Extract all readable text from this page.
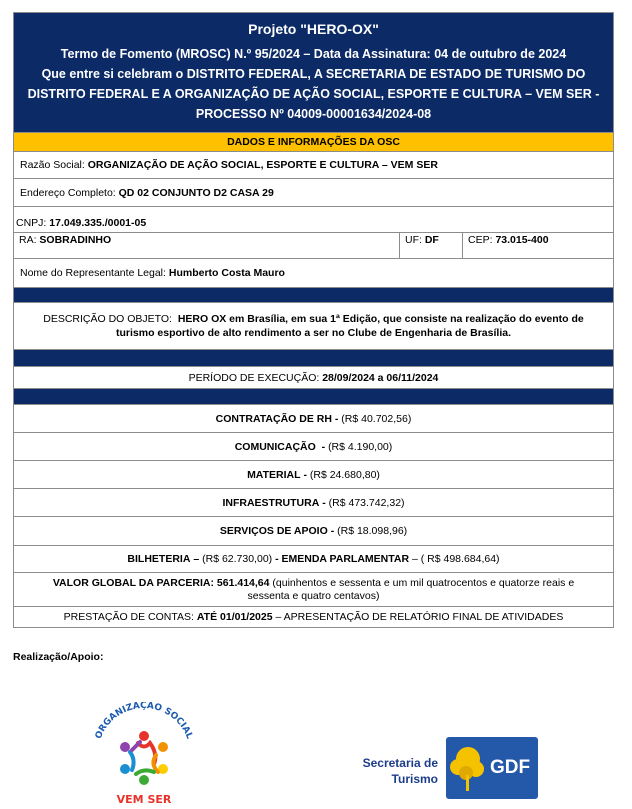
Projeto "HERO-OX"
Termo de Fomento (MROSC) N.º 95/2024 – Data da Assinatura: 04 de outubro de 2024
Que entre si celebram o DISTRITO FEDERAL, A SECRETARIA DE ESTADO DE TURISMO DO
DISTRITO FEDERAL E A ORGANIZAÇÃO DE AÇÃO SOCIAL, ESPORTE E CULTURA – VEM SER -
PROCESSO Nº 04009-00001634/2024-08
DADOS E INFORMAÇÕES DA OSC
Razão Social: ORGANIZAÇÃO DE AÇÃO SOCIAL, ESPORTE E CULTURA – VEM SER
Endereço Completo: QD 02 CONJUNTO D2 CASA 29
CNPJ: 17.049.335./0001-05
RA: SOBRADINHO	UF: DF	CEP: 73.015-400
Nome do Representante Legal: Humberto Costa Mauro
DESCRIÇÃO DO OBJETO:  HERO OX em Brasília, em sua 1ª Edição, que consiste na realização do evento de
turismo esportivo de alto rendimento a ser no Clube de Engenharia de Brasília.
PERÍODO DE EXECUÇÃO: 28/09/2024 a 06/11/2024
CONTRATAÇÃO DE RH - (R$ 40.702,56)
COMUNICAÇÃO - (R$ 4.190,00)
MATERIAL - (R$ 24.680,80)
INFRAESTRUTURA - (R$ 473.742,32)
SERVIÇOS DE APOIO - (R$ 18.098,96)
BILHETERIA – (R$ 62.730,00) - EMENDA PARLAMENTAR – ( R$ 498.684,64)
VALOR GLOBAL DA PARCERIA: 561.414,64 (quinhentos e sessenta e um mil quatrocentos e quatorze reais e
sessenta e quatro centavos)
PRESTAÇÃO DE CONTAS: ATÉ 01/01/2025 – APRESENTAÇÃO DE RELATÓRIO FINAL DE ATIVIDADES
Realização/Apoio:
ORGANIZAÇÃO SOCIAL
VEM SER
Secretaria de
Turismo
GDF
